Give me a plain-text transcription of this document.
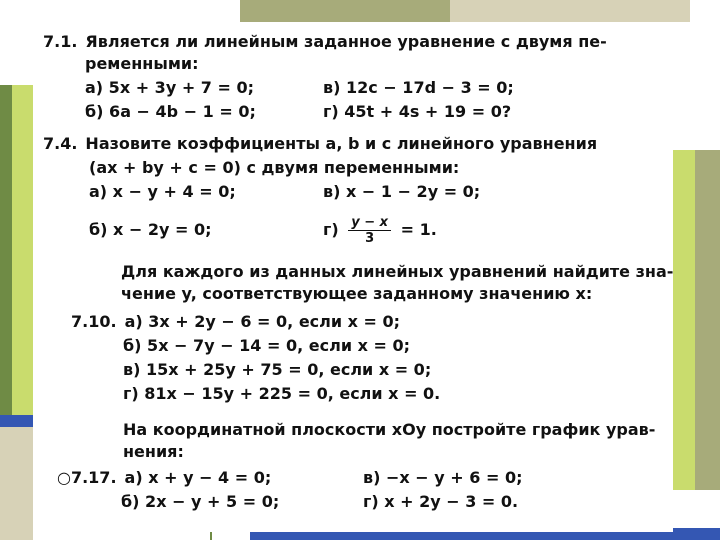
7.1. Является ли линейным заданное уравнение с двумя пе-
ременными:
а) 5x + 3y + 7 = 0;	в) 12c − 17d − 3 = 0;
б) 6a − 4b − 1 = 0;	г) 45t + 4s + 19 = 0?
7.4. Назовите коэффициенты a, b и c линейного уравнения
(ax + by + c = 0) с двумя переменными:
а) x − y + 4 = 0;	в) x − 1 − 2y = 0;
б) x − 2y = 0;	$г) \frac{y - x}{3} = 1$.
Для каждого из данных линейных уравнений найдите зна-
чение y, соответствующее заданному значению x:
7.10. а) 3x + 2y − 6 = 0, если x = 0;
б) 5x − 7y − 14 = 0, если x = 0;
в) 15x + 25y + 75 = 0, если x = 0;
г) 81x − 15y + 225 = 0, если x = 0.
На координатной плоскости xOy постройте график урав-
нения:
○7.17. а) x + y − 4 = 0;	в) −x − y + 6 = 0;
б) 2x − y + 5 = 0;	г) x + 2y − 3 = 0.
